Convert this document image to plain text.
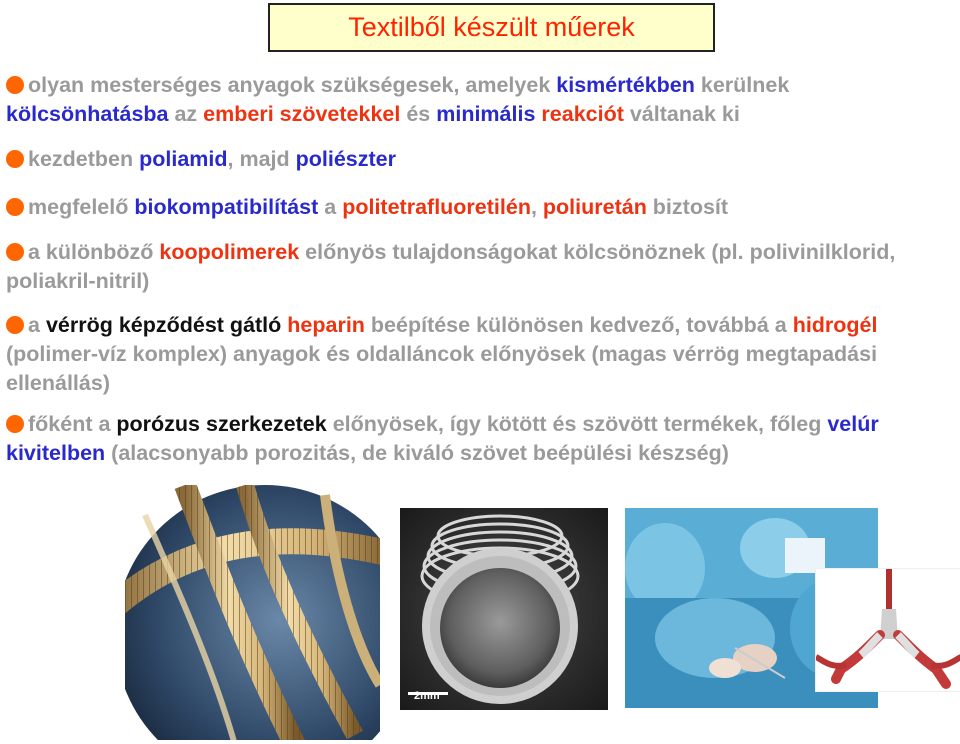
Textilből készült műerek
olyan mesterséges anyagok szükségesek, amelyek kismértékben kerülnek kölcsönhatásba az emberi szövetekkel és minimális reakciót váltanak ki
kezdetben poliamid, majd poliészter
megfelelő biokompatibilítást a politetrafluoretilén, poliuretán biztosít
a különböző koopolimerek előnyös tulajdonságokat kölcsönöznek (pl. polivinilklorid, poliakril-nitril)
a vérrög képződést gátló heparin beépítése különösen kedvező, továbbá a hidrogél (polimer-víz komplex) anyagok és oldalláncok előnyösek (magas vérrög megtapadási ellenállás)
főként a porózus szerkezetek előnyösek, így kötött és szövött termékek, főleg velúr kivitelben (alacsonyabb porozitás, de kiváló szövet beépülési készség)
2mm
